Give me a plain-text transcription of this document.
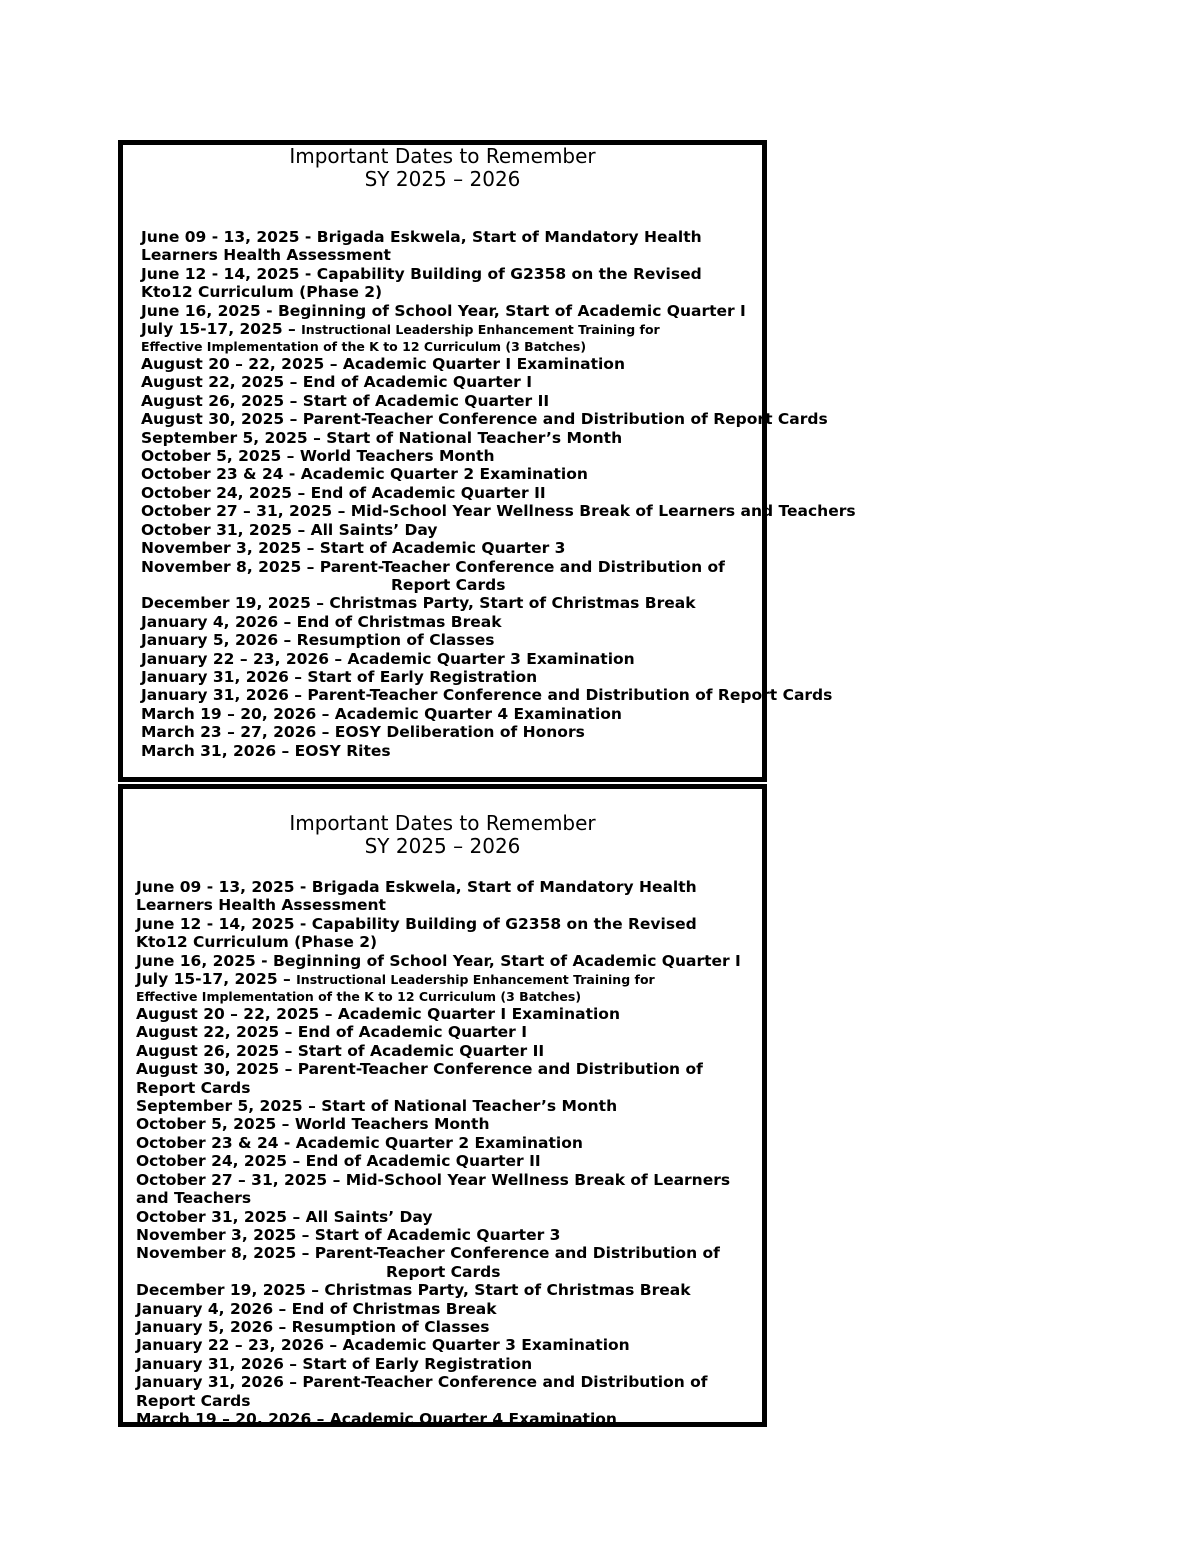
Important Dates to Remember
SY 2025 – 2026
June 09 - 13, 2025 - Brigada Eskwela, Start of Mandatory Health
Learners Health Assessment
June 12 - 14, 2025 - Capability Building of G2358 on the Revised
Kto12 Curriculum (Phase 2)
June 16, 2025 - Beginning of School Year, Start of Academic Quarter I
July 15-17, 2025 – Instructional Leadership Enhancement Training for
Effective Implementation of the K to 12 Curriculum (3 Batches)
August 20 – 22, 2025 – Academic Quarter I Examination
August 22, 2025 – End of Academic Quarter I
August 26, 2025 – Start of Academic Quarter II
August 30, 2025 – Parent-Teacher Conference and Distribution of Report Cards
September 5, 2025 – Start of National Teacher’s Month
October 5, 2025 – World Teachers Month
October 23 & 24 - Academic Quarter 2 Examination
October 24, 2025 – End of Academic Quarter II
October 27 – 31, 2025 – Mid-School Year Wellness Break of Learners and Teachers
October 31, 2025 – All Saints’ Day
November 3, 2025 – Start of Academic Quarter 3
November 8, 2025 – Parent-Teacher Conference and Distribution of
Report Cards
December 19, 2025 – Christmas Party, Start of Christmas Break
January 4, 2026 – End of Christmas Break
January 5, 2026 – Resumption of Classes
January 22 – 23, 2026 – Academic Quarter 3 Examination
January 31, 2026 – Start of Early Registration
January 31, 2026 – Parent-Teacher Conference and Distribution of Report Cards
March 19 – 20, 2026 – Academic Quarter 4 Examination
March 23 – 27, 2026 – EOSY Deliberation of Honors
March 31, 2026 – EOSY Rites
Important Dates to Remember
SY 2025 – 2026
June 09 - 13, 2025 - Brigada Eskwela, Start of Mandatory Health
Learners Health Assessment
June 12 - 14, 2025 - Capability Building of G2358 on the Revised
Kto12 Curriculum (Phase 2)
June 16, 2025 - Beginning of School Year, Start of Academic Quarter I
July 15-17, 2025 – Instructional Leadership Enhancement Training for
Effective Implementation of the K to 12 Curriculum (3 Batches)
August 20 – 22, 2025 – Academic Quarter I Examination
August 22, 2025 – End of Academic Quarter I
August 26, 2025 – Start of Academic Quarter II
August 30, 2025 – Parent-Teacher Conference and Distribution of
Report Cards
September 5, 2025 – Start of National Teacher’s Month
October 5, 2025 – World Teachers Month
October 23 & 24 - Academic Quarter 2 Examination
October 24, 2025 – End of Academic Quarter II
October 27 – 31, 2025 – Mid-School Year Wellness Break of Learners
and Teachers
October 31, 2025 – All Saints’ Day
November 3, 2025 – Start of Academic Quarter 3
November 8, 2025 – Parent-Teacher Conference and Distribution of
Report Cards
December 19, 2025 – Christmas Party, Start of Christmas Break
January 4, 2026 – End of Christmas Break
January 5, 2026 – Resumption of Classes
January 22 – 23, 2026 – Academic Quarter 3 Examination
January 31, 2026 – Start of Early Registration
January 31, 2026 – Parent-Teacher Conference and Distribution of
Report Cards
March 19 – 20, 2026 – Academic Quarter 4 Examination
